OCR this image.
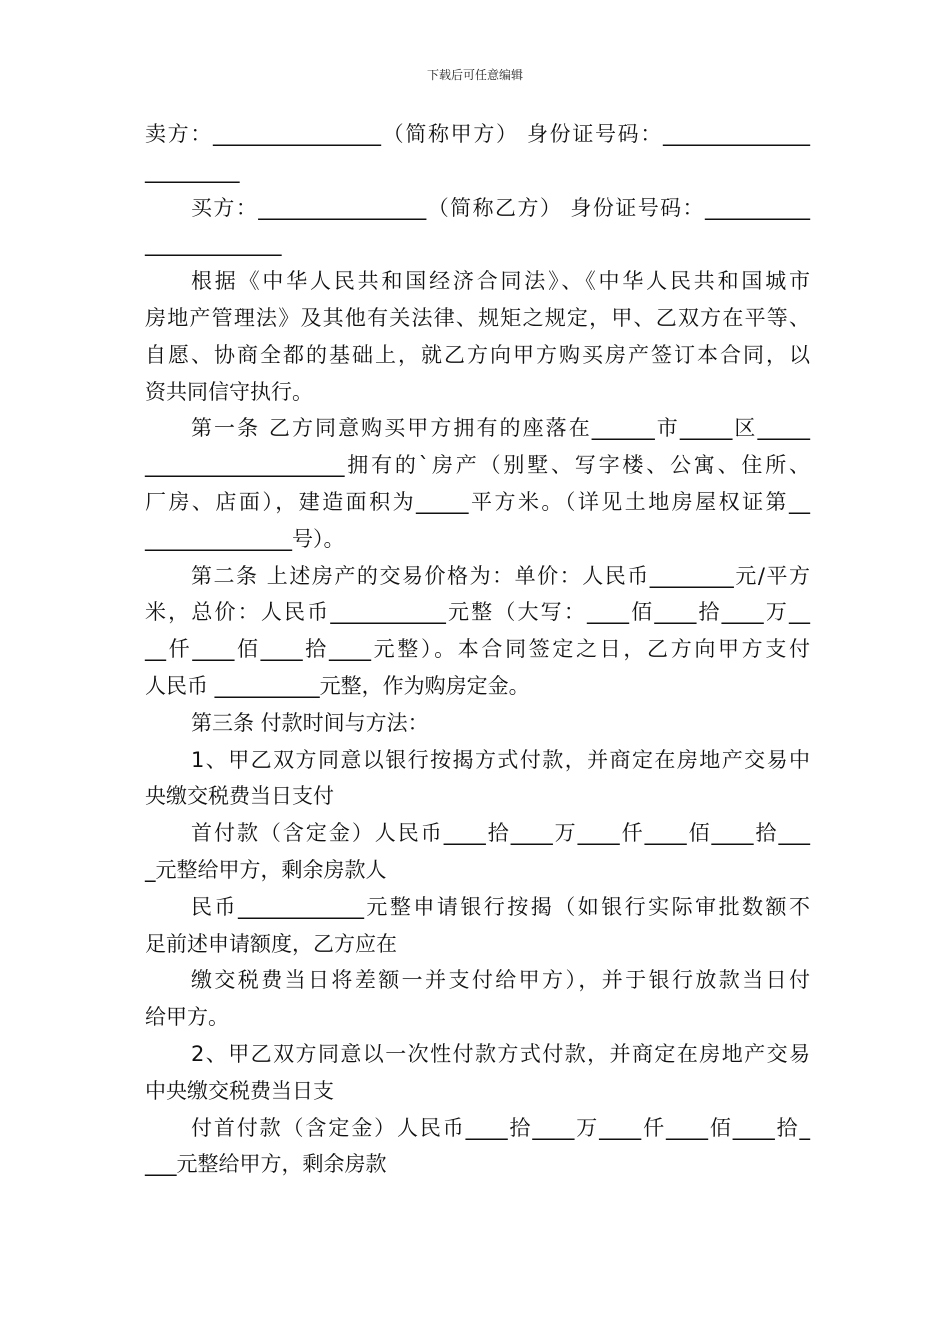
下载后可任意编辑
卖方：________________（简称甲方） 身份证号码：______________
_________
买方：________________（简称乙方） 身份证号码：__________
_____________
根据《中华人民共和国经济合同法》、《中华人民共和国城市
房地产管理法》及其他有关法律、规矩之规定，甲、乙双方在平等、
自愿、协商全都的基础上，就乙方向甲方购买房产签订本合同，以
资共同信守执行。
第一条 乙方同意购买甲方拥有的座落在______市_____区_____
___________________拥有的`房产（别墅、写字楼、公寓、住所、
厂房、店面），建造面积为_____平方米。（详见土地房屋权证第__
______________号）。
第二条 上述房产的交易价格为：单价：人民币________元/平方
米，总价：人民币___________元整（大写：____佰____拾____万__
__仟____佰____拾____元整）。本合同签定之日，乙方向甲方支付
人民币 __________元整，作为购房定金。
第三条 付款时间与方法：
1、甲乙双方同意以银行按揭方式付款，并商定在房地产交易中
央缴交税费当日支付
首付款（含定金）人民币____拾____万____仟____佰____拾___
_元整给甲方，剩余房款人
民币____________元整申请银行按揭（如银行实际审批数额不
足前述申请额度，乙方应在
缴交税费当日将差额一并支付给甲方），并于银行放款当日付
给甲方。
2、甲乙双方同意以一次性付款方式付款，并商定在房地产交易
中央缴交税费当日支
付首付款（含定金）人民币____拾____万____仟____佰____拾_
___元整给甲方，剩余房款
